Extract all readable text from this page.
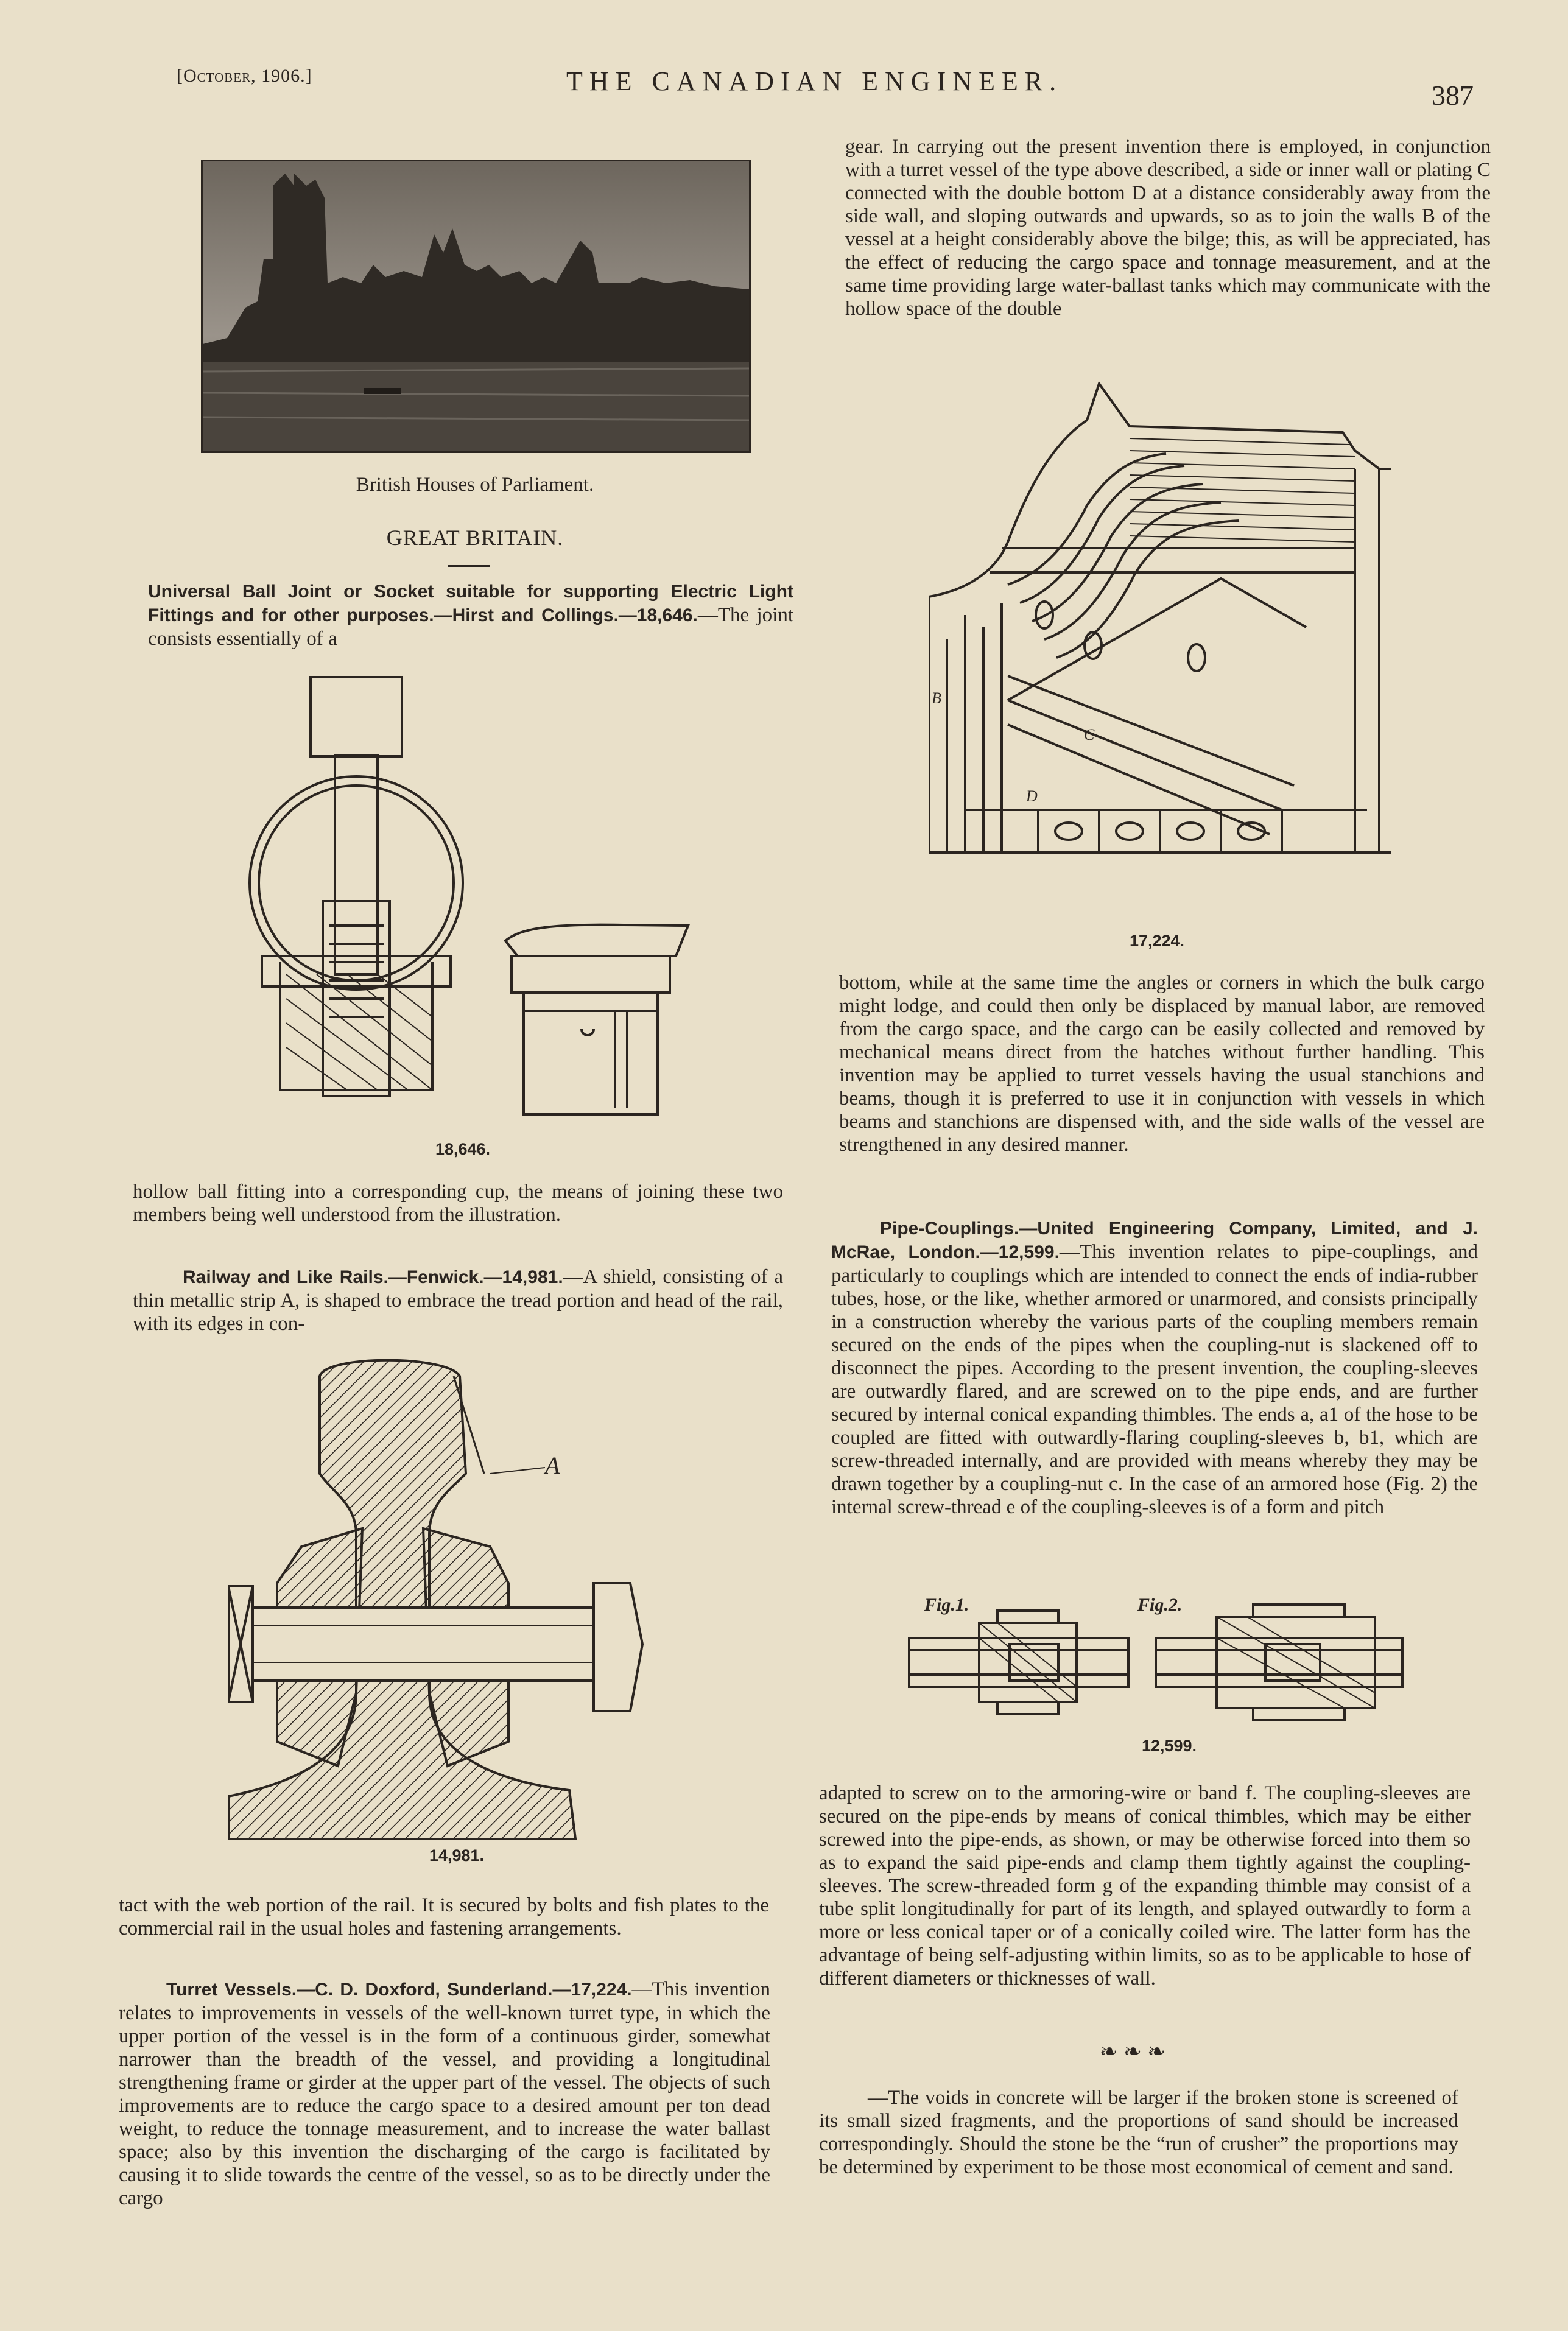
[October, 1906.]	THE CANADIAN ENGINEER.	387
British Houses of Parliament.
GREAT BRITAIN.

Universal Ball Joint or Socket suitable for supporting Electric Light Fittings and for other purposes.—Hirst and Collings.—18,646.—The joint consists essentially of a

18,646.

hollow ball fitting into a corresponding cup, the means of joining these two members being well understood from the illustration.

Railway and Like Rails.—Fenwick.—14,981.—A shield, consisting of a thin metallic strip A, is shaped to embrace the tread portion and head of the rail, with its edges in con-

A
14,981.

tact with the web portion of the rail. It is secured by bolts and fish plates to the commercial rail in the usual holes and fastening arrangements.

Turret Vessels.—C. D. Doxford, Sunderland.—17,224.—This invention relates to improvements in vessels of the well-known turret type, in which the upper portion of the vessel is in the form of a continuous girder, somewhat narrower than the breadth of the vessel, and providing a longitudinal strengthening frame or girder at the upper part of the vessel. The objects of such improvements are to reduce the cargo space to a desired amount per ton dead weight, to reduce the tonnage measurement, and to increase the water ballast space; also by this invention the discharging of the cargo is facilitated by causing it to slide towards the centre of the vessel, so as to be directly under the cargo

gear. In carrying out the present invention there is employed, in conjunction with a turret vessel of the type above described, a side or inner wall or plating C connected with the double bottom D at a distance considerably away from the side wall, and sloping outwards and upwards, so as to join the walls B of the vessel at a height considerably above the bilge; this, as will be appreciated, has the effect of reducing the cargo space and tonnage measurement, and at the same time providing large water-ballast tanks which may communicate with the hollow space of the double

B
C
D
17,224.

bottom, while at the same time the angles or corners in which the bulk cargo might lodge, and could then only be displaced by manual labor, are removed from the cargo space, and the cargo can be easily collected and removed by mechanical means direct from the hatches without further handling. This invention may be applied to turret vessels having the usual stanchions and beams, though it is preferred to use it in conjunction with vessels in which beams and stanchions are dispensed with, and the side walls of the vessel are strengthened in any desired manner.

Pipe-Couplings.—United Engineering Company, Limited, and J. McRae, London.—12,599.—This invention relates to pipe-couplings, and particularly to couplings which are intended to connect the ends of india-rubber tubes, hose, or the like, whether armored or unarmored, and consists principally in a construction whereby the various parts of the coupling members remain secured on the ends of the pipes when the coupling-nut is slackened off to disconnect the pipes. According to the present invention, the coupling-sleeves are outwardly flared, and are screwed on to the pipe ends, and are further secured by internal conical expanding thimbles. The ends a, a1 of the hose to be coupled are fitted with outwardly-flaring coupling-sleeves b, b1, which are screw-threaded internally, and are provided with means whereby they may be drawn together by a coupling-nut c. In the case of an armored hose (Fig. 2) the internal screw-thread e of the coupling-sleeves is of a form and pitch

Fig.1.	Fig.2.
12,599.

adapted to screw on to the armoring-wire or band f. The coupling-sleeves are secured on the pipe-ends by means of conical thimbles, which may be either screwed into the pipe-ends, as shown, or may be otherwise forced into them so as to expand the said pipe-ends and clamp them tightly against the coupling-sleeves. The screw-threaded form g of the expanding thimble may consist of a tube split longitudinally for part of its length, and splayed outwardly to form a more or less conical taper or of a conically coiled wire. The latter form has the advantage of being self-adjusting within limits, so as to be applicable to hose of different diameters or thicknesses of wall.

❧ ❧ ❧

—The voids in concrete will be larger if the broken stone is screened of its small sized fragments, and the proportions of sand should be increased correspondingly. Should the stone be the “run of crusher” the proportions may be determined by experiment to be those most economical of cement and sand.
